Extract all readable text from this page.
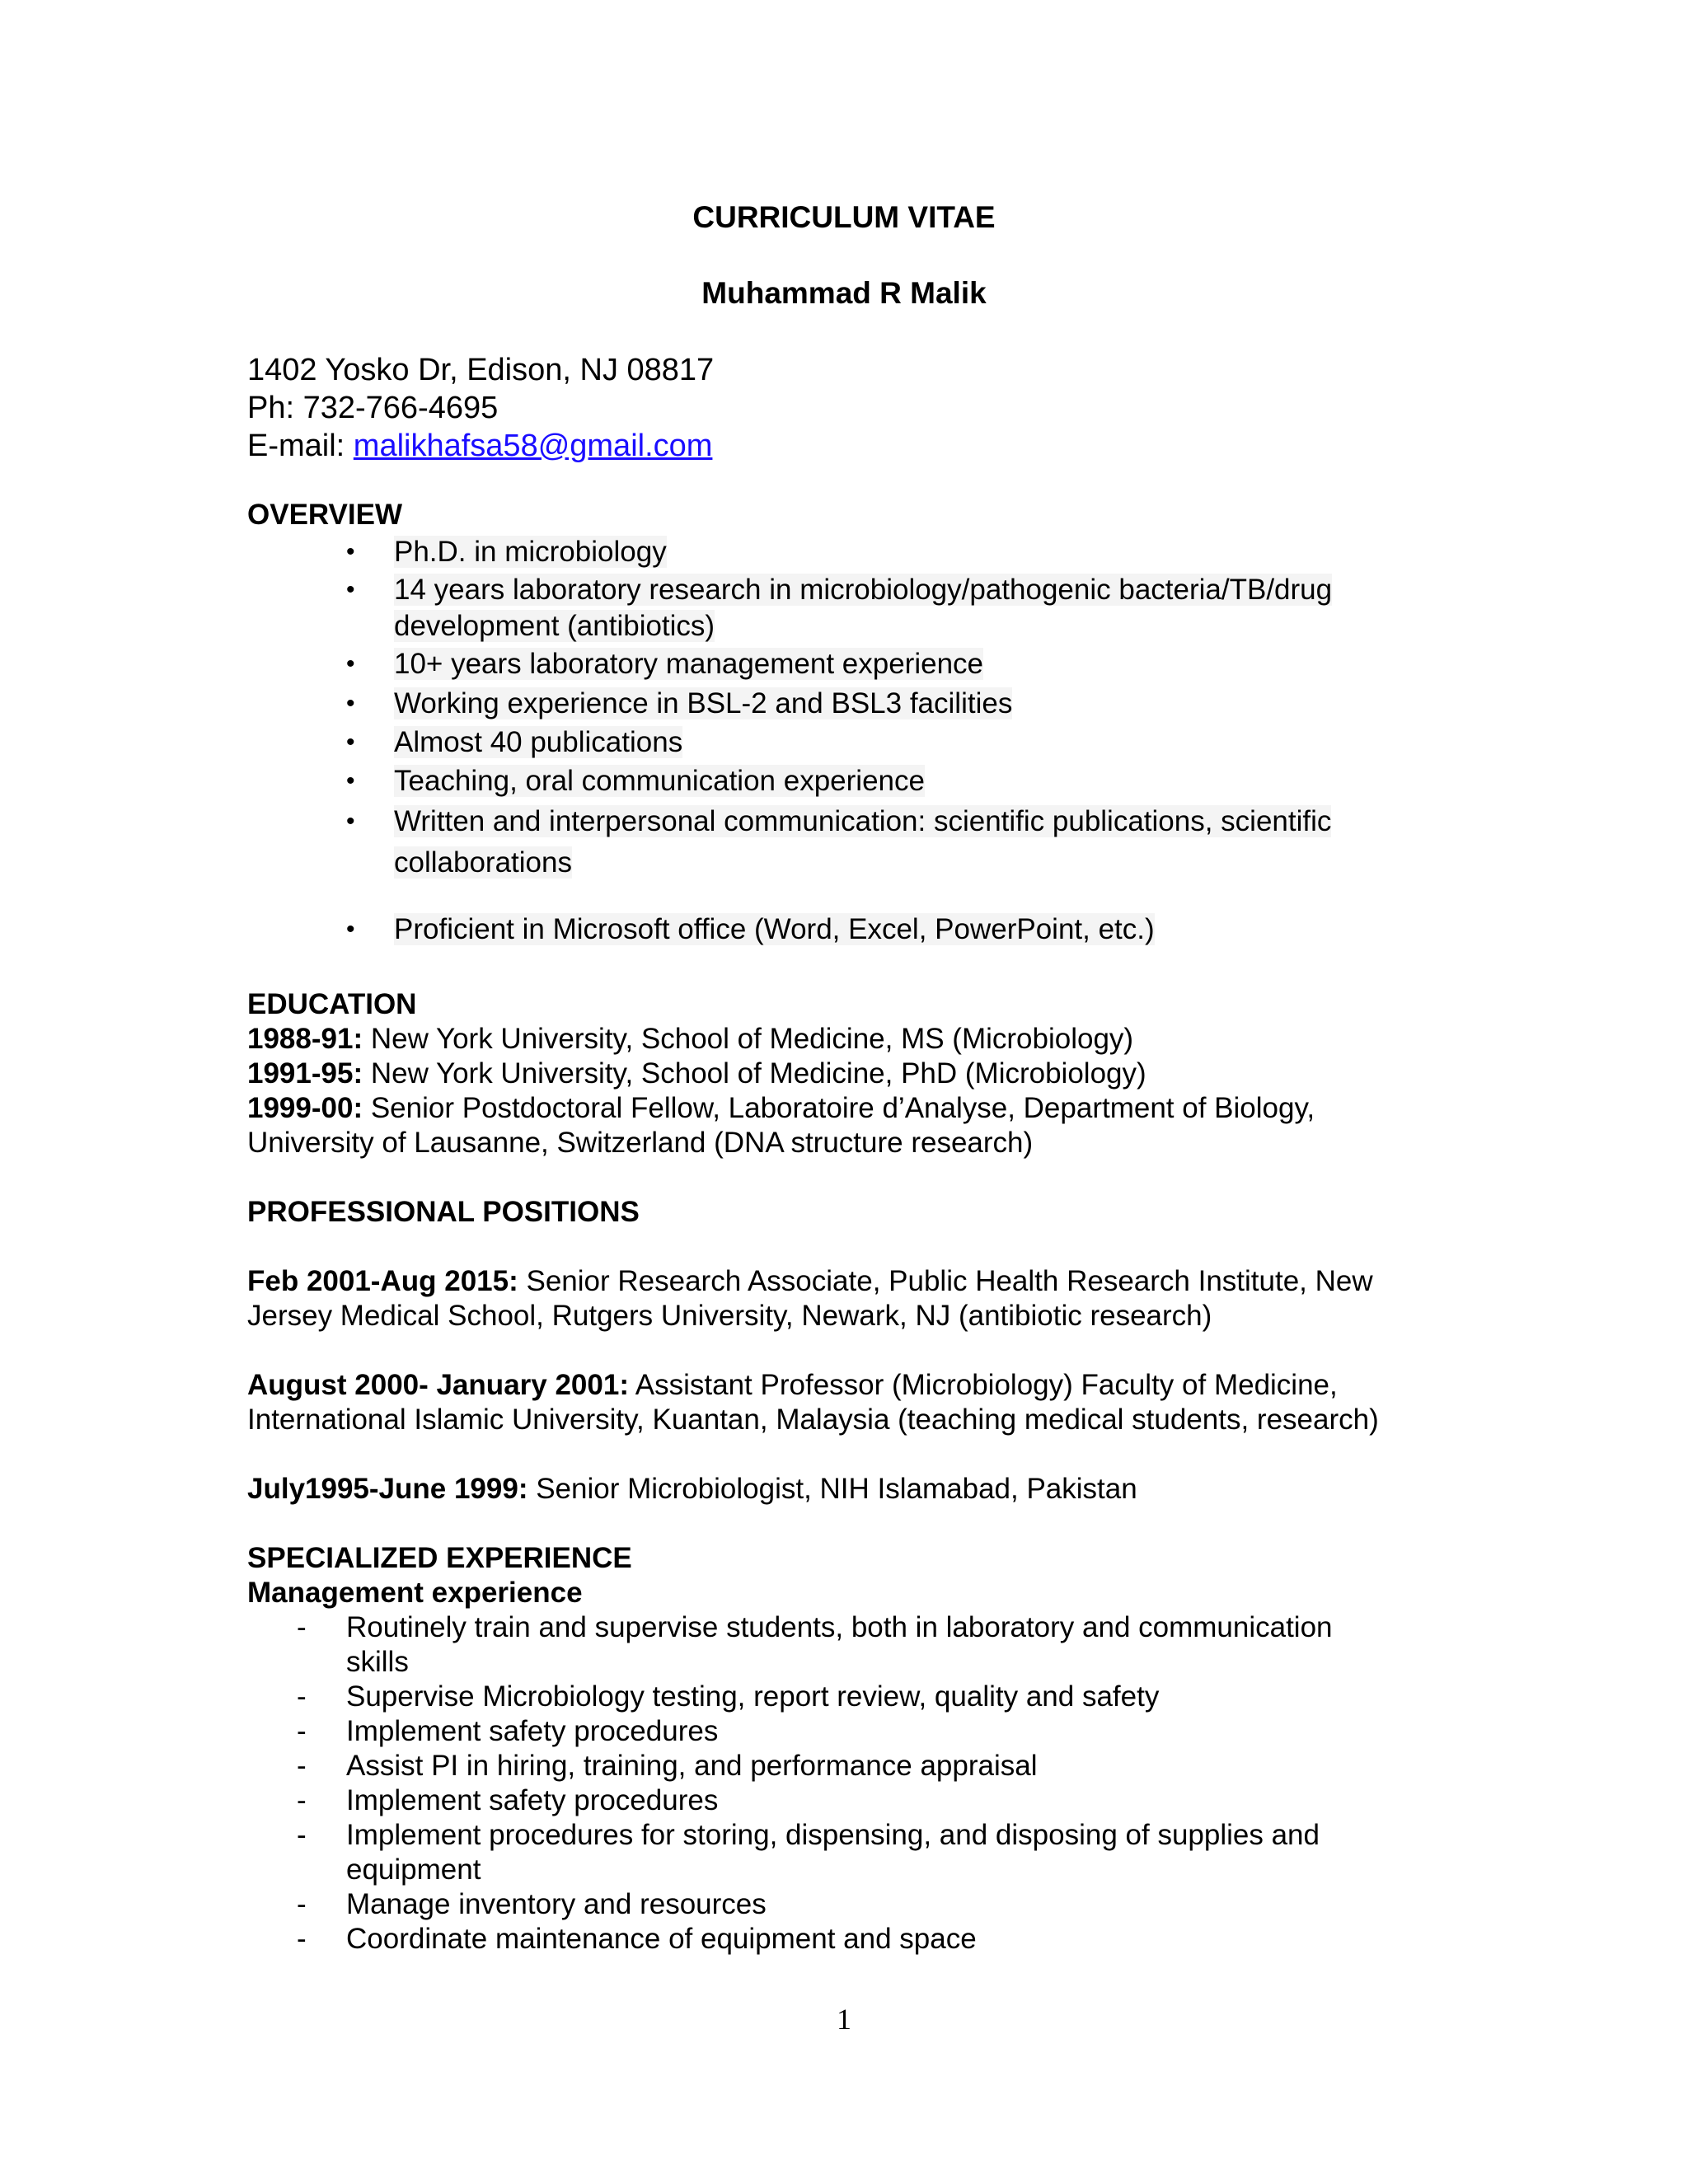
CURRICULUM VITAE
Muhammad R Malik
1402 Yosko Dr, Edison, NJ 08817
Ph: 732-766-4695
E-mail: malikhafsa58@gmail.com
OVERVIEW
• Ph.D. in microbiology
• 14 years laboratory research in microbiology/pathogenic bacteria/TB/drug development (antibiotics)
• 10+ years laboratory management experience
• Working experience in BSL-2 and BSL3 facilities
• Almost 40 publications
• Teaching, oral communication experience
• Written and interpersonal communication: scientific publications, scientific collaborations
• Proficient in Microsoft office (Word, Excel, PowerPoint, etc.)
EDUCATION
1988-91: New York University, School of Medicine, MS (Microbiology)
1991-95: New York University, School of Medicine, PhD (Microbiology)
1999-00: Senior Postdoctoral Fellow, Laboratoire d’Analyse, Department of Biology, University of Lausanne, Switzerland (DNA structure research)
PROFESSIONAL POSITIONS
Feb 2001-Aug 2015: Senior Research Associate, Public Health Research Institute, New Jersey Medical School, Rutgers University, Newark, NJ (antibiotic research)
August 2000- January 2001: Assistant Professor (Microbiology) Faculty of Medicine, International Islamic University, Kuantan, Malaysia (teaching medical students, research)
July1995-June 1999: Senior Microbiologist, NIH Islamabad, Pakistan
SPECIALIZED EXPERIENCE
Management experience
- Routinely train and supervise students, both in laboratory and communication skills
- Supervise Microbiology testing, report review, quality and safety
- Implement safety procedures
- Assist PI in hiring, training, and performance appraisal
- Implement safety procedures
- Implement procedures for storing, dispensing, and disposing of supplies and equipment
- Manage inventory and resources
- Coordinate maintenance of equipment and space
1
